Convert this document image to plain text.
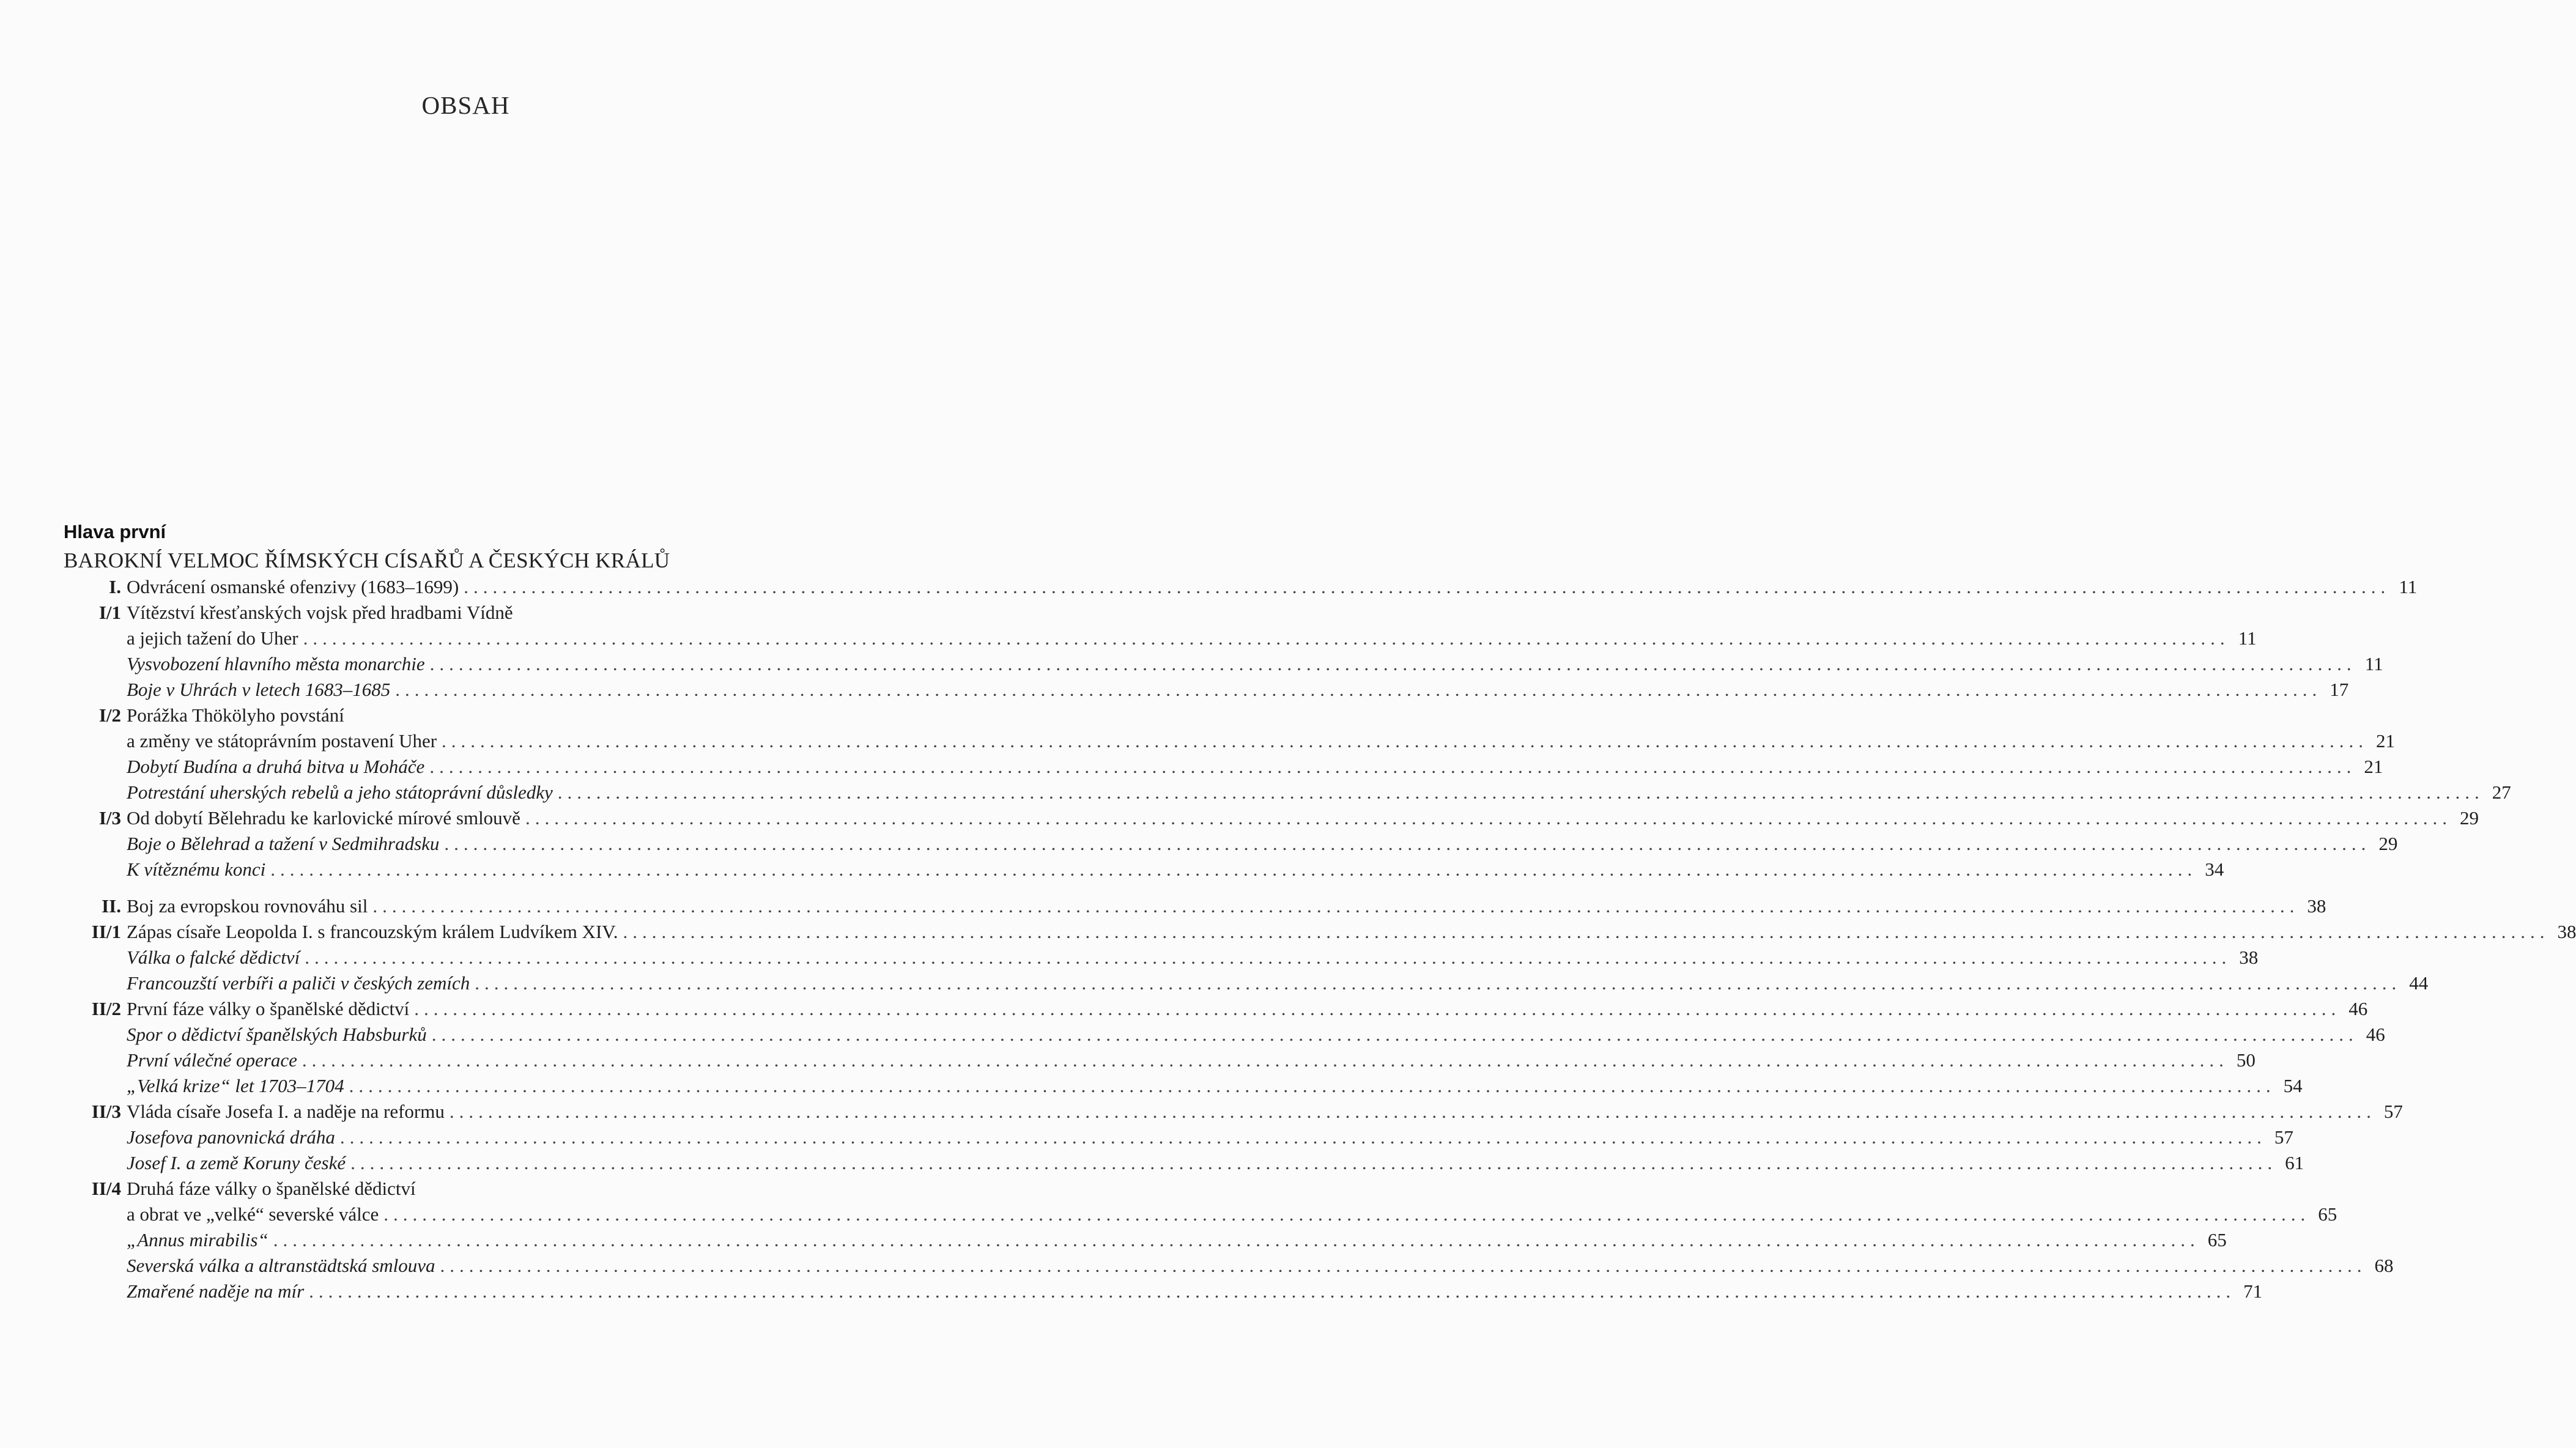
OBSAH
Hlava první
BAROKNÍ VELMOC ŘÍMSKÝCH CÍSAŘŮ A ČESKÝCH KRÁLŮ
I. Odvrácení osmanské ofenzivy (1683–1699) ........................................................................................................................................................................................................ 11
I/1 Vítězství křesťanských vojsk před hradbami Vídně
a jejich tažení do Uher ........................................................................................................................................................................................................ 11
Vysvobození hlavního města monarchie ........................................................................................................................................................................................................ 11
Boje v Uhrách v letech 1683–1685 ........................................................................................................................................................................................................ 17
I/2 Porážka Thökölyho povstání
a změny ve státoprávním postavení Uher ........................................................................................................................................................................................................ 21
Dobytí Budína a druhá bitva u Moháče ........................................................................................................................................................................................................ 21
Potrestání uherských rebelů a jeho státoprávní důsledky ........................................................................................................................................................................................................ 27
I/3 Od dobytí Bělehradu ke karlovické mírové smlouvě ........................................................................................................................................................................................................ 29
Boje o Bělehrad a tažení v Sedmihradsku ........................................................................................................................................................................................................ 29
K vítěznému konci ........................................................................................................................................................................................................ 34
II. Boj za evropskou rovnováhu sil ........................................................................................................................................................................................................ 38
II/1 Zápas císaře Leopolda I. s francouzským králem Ludvíkem XIV. ........................................................................................................................................................................................................ 38
Válka o falcké dědictví ........................................................................................................................................................................................................ 38
Francouzští verbíři a paliči v českých zemích ........................................................................................................................................................................................................ 44
II/2 První fáze války o španělské dědictví ........................................................................................................................................................................................................ 46
Spor o dědictví španělských Habsburků ........................................................................................................................................................................................................ 46
První válečné operace ........................................................................................................................................................................................................ 50
„Velká krize“ let 1703–1704 ........................................................................................................................................................................................................ 54
II/3 Vláda císaře Josefa I. a naděje na reformu ........................................................................................................................................................................................................ 57
Josefova panovnická dráha ........................................................................................................................................................................................................ 57
Josef I. a země Koruny české ........................................................................................................................................................................................................ 61
II/4 Druhá fáze války o španělské dědictví
a obrat ve „velké“ severské válce ........................................................................................................................................................................................................ 65
„Annus mirabilis“ ........................................................................................................................................................................................................ 65
Severská válka a altranstädtská smlouva ........................................................................................................................................................................................................ 68
Zmařené naděje na mír ........................................................................................................................................................................................................ 71
